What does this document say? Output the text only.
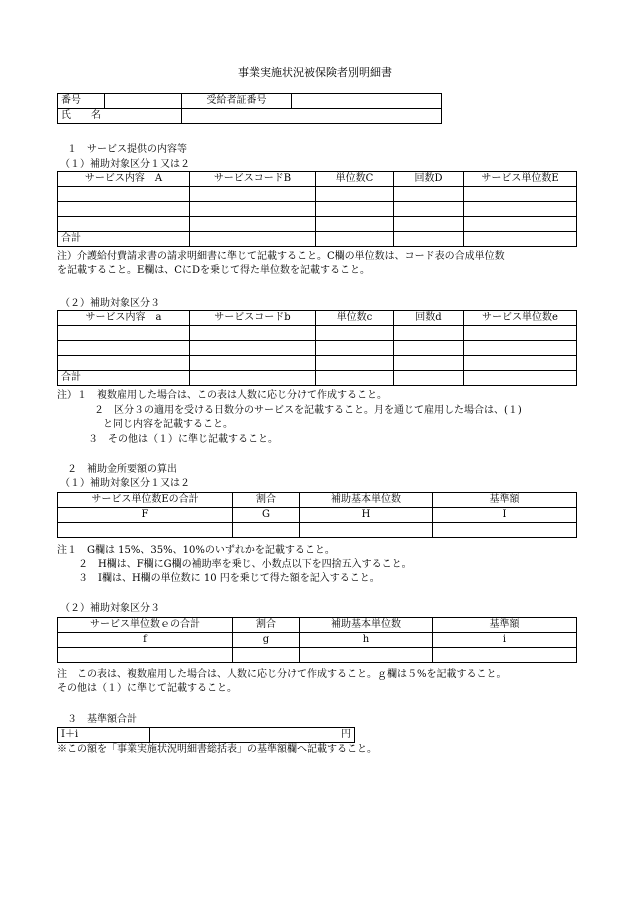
事業実施状況被保険者別明細書
番号		受給者証番号	
氏　　名			
１　サービス提供の内容等
（１）補助対象区分１又は２
サービス内容　A	サービスコードB	単位数C	回数D	サービス単位数E

合計				
注）介護給付費請求書の請求明細書に準じて記載すること。C欄の単位数は、コード表の合成単位数
を記載すること。E欄は、CにDを乗じて得た単位数を記載すること。
（２）補助対象区分３
サービス内容　a	サービスコードb	単位数c	回数d	サービス単位数e

合計				
注）１　複数雇用した場合は、この表は人数に応じ分けて作成すること。
２　区分３の適用を受ける日数分のサービスを記載すること。月を通じて雇用した場合は、(１)
と同じ内容を記載すること。
３　その他は（１）に準じ記載すること。
２　補助金所要額の算出
（１）補助対象区分１又は２
サービス単位数Eの合計	割合	補助基本単位数	基準額
F	G	H	I

注１　G欄は 15%、35%、10%のいずれかを記載すること。
２　H欄は、F欄にG欄の補助率を乗じ、小数点以下を四捨五入すること。
３　I欄は、H欄の単位数に 10 円を乗じて得た額を記入すること。
（２）補助対象区分３
サービス単位数ｅの合計	割合	補助基本単位数	基準額
f	g	h	i

注　この表は、複数雇用した場合は、人数に応じ分けて作成すること。ｇ欄は５%を記載すること。
その他は（１）に準じて記載すること。
３　基準額合計
I＋i	円
※この額を「事業実施状況明細書総括表」の基準額欄へ記載すること。
